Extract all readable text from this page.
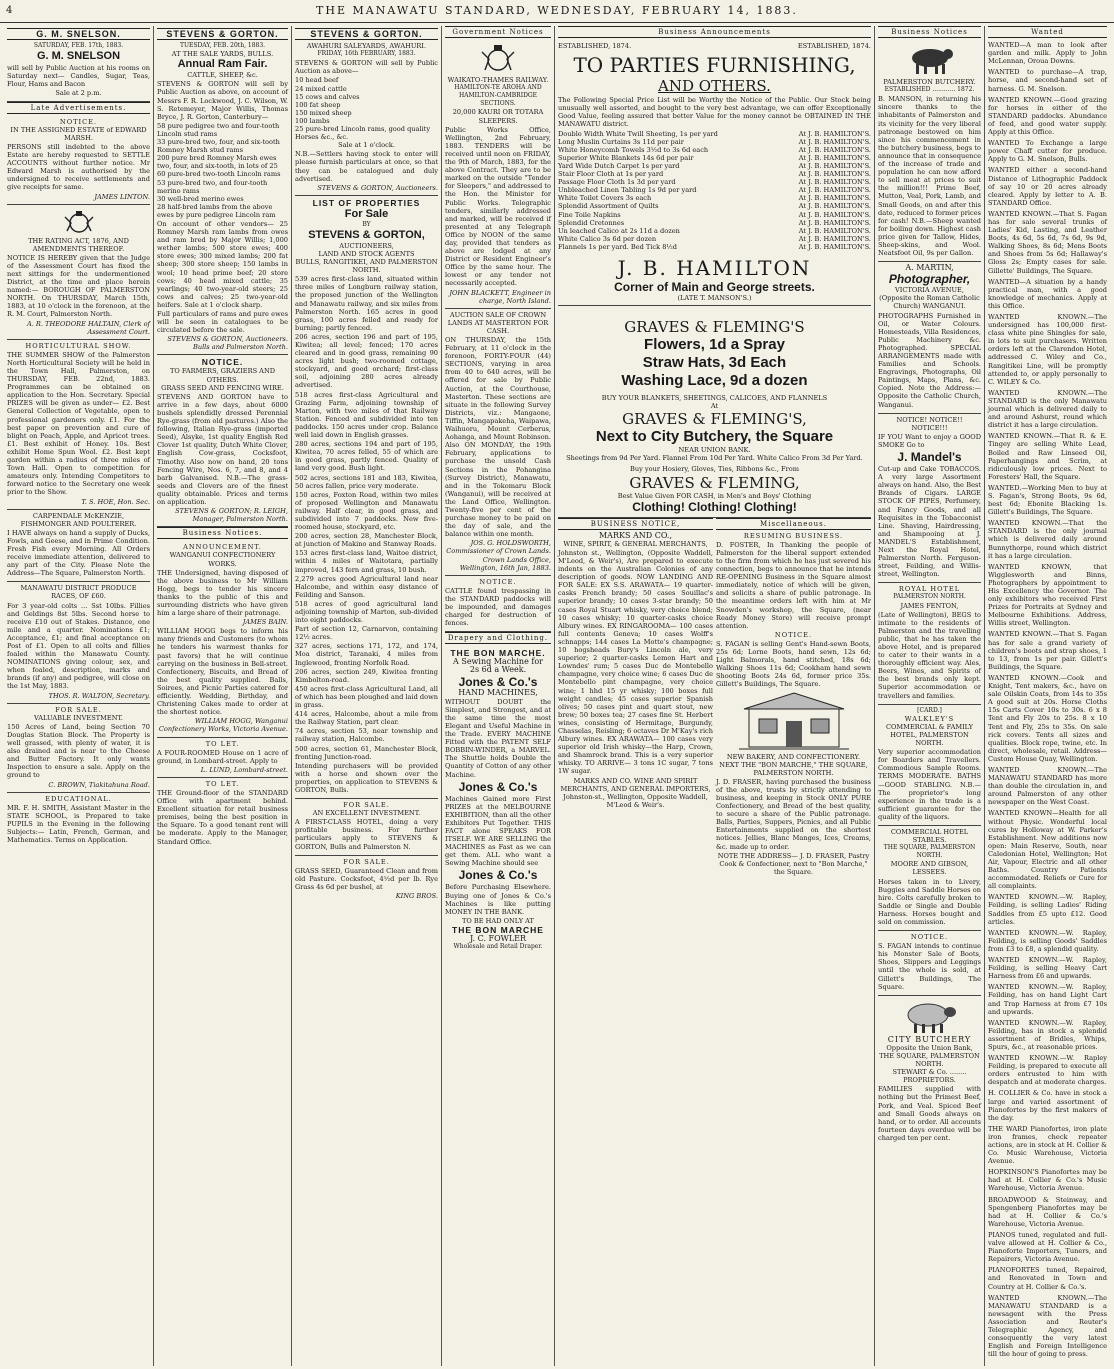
4	THE MANAWATU STANDARD, WEDNESDAY, FEBRUARY 14, 1883.
G. M. SNELSON.
SATURDAY, FEB. 17th, 1883.
G. M. SNELSON

will sell by Public Auction at his rooms on Saturday next— Candles, Sugar, Teas, Flour, Hams and Bacon

Sale at 2 p.m.
Late Advertisements.
NOTICE.
IN THE ASSIGNED ESTATE of EDWARD MARSH.

PERSONS still indebted to the above Estate are hereby requested to SETTLE ACCOUNTS without further notice. Mr Edward Marsh is authorised by the undersigned to receive settlements and give receipts for same.

JAMES LINTON.
THE RATING ACT, 1876, AND AMENDMENTS THEREOF.

NOTICE IS HEREBY given that the Judge of the Assessment Court has fixed the next sittings for the undermentioned District, at the time and place herein named:— BOROUGH OF PALMERSTON NORTH. On THURSDAY, March 15th, 1883, at 10 o'clock in the forenoon, at the R. M. Court, Palmerston North.

A. R. THEODORE HALTAIN, Clerk of Assessment Court.
HORTICULTURAL SHOW.

THE SUMMER SHOW of the Palmerston North Horticultural Society will be held in the Town Hall, Palmerston, on THURSDAY, FEB. 22nd, 1883. Programmes can be obtained on application to the Hon. Secretary. Special PRIZES will be given as under— £2. Best General Collection of Vegetable, open to professional gardeners only. £1. For the best paper on prevention and cure of blight on Peach, Apple, and Apricot trees. £1. Best exhibit of Honey. 10s. Best exhibit Home Spun Wool. £2. Best kept garden within a radius of three miles of Town Hall. Open to competition for amateurs only. Intending Competitors to forward notice to the Secretary one week prior to the Show.

T. S. HOE, Hon. Sec.
CARPENDALE McKENZIE, FISHMONGER AND POULTERER.

I HAVE always on hand a supply of Ducks, Fowls, and Geese, and in Prime Condition. Fresh Fish every Morning. All Orders receive immediate attention, delivered to any part of the City. Please Note the Address—The Square, Palmerston North.

MANAWATU DISTRICT PRODUCE RACES, OF £60.

For 3 year-old colts ... Sst 10lbs. Fillies and Geldings 8st 5lbs. Second horse to receive £10 out of Stakes. Distance, one mile and a quarter. Nominations £1; Acceptance, £1; and final acceptance on Post of £1. Open to all colts and fillies foaled within the Manawatu County. NOMINATIONS giving colour, sex, and when foaled, description, marks and brands (if any) and pedigree, will close on the 1st May, 1883.

THOS. R. WALTON, Secretary.
FOR SALE.
VALUABLE INVESTMENT.

150 Acres of Land, being Section 70 Douglas Station Block. The Property is well grassed, with plenty of water, it is also drained and is near to the Cheese and Butter Factory. It only wants Inspection to ensure a sale. Apply on the ground to

C. BROWN, Tiakitahuna Road.
EDUCATIONAL.

MR. F. H. SMITH, Assistant Master in the STATE SCHOOL, is Prepared to take PUPILS in the Evening in the following Subjects:— Latin, French, German, and Mathematics. Terms on Application.

STEVENS & GORTON.
TUESDAY, FEB. 20th, 1883.
AT THE SALE YARDS, BULLS.
Annual Ram Fair.
CATTLE, SHEEP, &c.

STEVENS & GORTON will sell by Public Auction as above, on account of Messrs F. R. Lockwood, J. C. Wilson, W. S. Retemeyer, Major Willis, Thomas Bryce, J. R. Gorton, Canterbury—

58 pure pedigree two and four-tooth Lincoln stud rams
33 pure-bred two, four, and six-tooth Romney Marsh stud rams
200 pure bred Romney Marsh ewes two, four, and six-tooth, in lots of 25
60 pure-bred two-tooth Lincoln rams
53 pure-bred two, and four-tooth merino rams
30 well-bred merino ewes
28 half-bred lambs from the above ewes by pure pedigree Lincoln ram

On account of other vendors— 25 Romney Marsh ram lambs from owes and ram bred by Major Willis; 1,000 wether lambs; 500 store ewes; 400 store ewes; 300 mixed lambs; 200 fat sheep; 300 store sheep; 150 lambs in wool; 10 head prime beef; 20 store cows; 40 head mixed cattle; 35 yearlings; 40 two-year-old steers; 25 cows and calves; 25 two-year-old heifers. Sale at 1 o'clock sharp.

Full particulars of rams and pure ewes will be seen in catalogues to be circulated before the sale.

STEVENS & GORTON, Auctioneers. Bulls and Palmerston North.
NOTICE.
TO FARMERS, GRAZIERS AND OTHERS.
GRASS SEED AND FENCING WIRE.

STEVENS AND GORTON have to arrive in a few days, about 6000 bushels splendidly dressed Perennial Rye-grass (from old pastures.) Also the following, Italian Rye-grass (imported Seed), Alsyke, 1st quality English Red Clover 1st quality, Dutch White Clover, English Cow-grass, Cocksfoot, Timothy. Also now on hand, 20 tons Fencing Wire, Nos. 6, 7, and 8, and 4 barb Galvanised. N.B.—The grass-seeds and Clovers are of the finest quality obtainable. Prices and terms on application.

STEVENS & GORTON; R. LEIGH, Manager, Palmerston North.
Business Notices.
ANNOUNCEMENT.
WANGANUI CONFECTIONERY WORKS.

THE Undersigned, having disposed of the above business to Mr William Hogg, begs to tender his sincere thanks to the public of this and surrounding districts who have given him a large share of their patronage.

JAMES BAIN.

WILLIAM HOGG begs to inform his many friends and Customers (to whom he tenders his warmest thanks for past favors) that he will continue carrying on the business in Bell-street. Confectionery, Biscuits, and Bread of the best quality supplied. Balls, Soirees, and Picnic Parties catered for efficiently. Wedding, Birthday, and Christening Cakes made to order at the shortest notice.

WILLIAM HOGG, Wanganui Confectionery Works, Victoria Avenue.
TO LET.

A FOUR-ROOMED House on 1 acre of ground, in Lombard-street. Apply to

L. LUND, Lombard-street.
TO LET.

THE Ground-floor of the STANDARD Office with apartment behind. Excellent situation for retail business premises, being the best position in the Square. To a good tenant rent will be moderate. Apply to the Manager, Standard Office.

STEVENS & GORTON.
AWAHURI SALEYARDS, AWAHURI.
FRIDAY, 16th FEBRUARY, 1883.

STEVENS & GORTON will sell by Public Auction as above—

10 head beef
24 mixed cattle
15 cows and calves
100 fat sheep
150 mixed sheep
100 lambs
25 pure-bred Lincoln rams, good quality
Horses &c., &c.
Sale at 1 o'clock.

N.B.—Settlers having stock to enter will please furnish particulars at once, so that they can be catalogued and duly advertised.

STEVENS & GORTON, Auctioneers.
LIST OF PROPERTIES
For Sale
BY
STEVENS & GORTON,
AUCTIONEERS,
LAND AND STOCK AGENTS
BULLS, RANGITIKEI, AND PALMERSTON NORTH.

539 acres first-class land, situated within three miles of Longburn railway station, the proposed junction of the Wellington and Manawatu railway, and six miles from Palmerston North. 165 acres in good grass, 100 acres felled and ready for burning; partly fenced.

206 acres, section 196 and part of 195, Kiwitea; all level; fenced; 170 acres cleared and in good grass, remaining 90 acres light bush; two-roomed cottage, stockyard, and good orchard; first-class soil, adjoining 280 acres already advertised.

518 acres first-class Agricultural and Grazing Farm, adjoining township of Marton, with two miles of that Railway Station. Fenced and subdivided into ten paddocks. 150 acres under crop. Balance well laid down in English grasses.

280 acres, sections 194 and part of 195, Kiwitea, 70 acres felled, 55 of which are in good grass, partly fenced. Quality of land very good. Bush light.

502 acres, sections 181 and 183, Kiwitea, 50 acres fallen, price very moderate.

150 acres, Foxton Road, within two miles of proposed Wellington and Manawatu railway. Half clear, in good grass, and subdivided into 7 paddocks. New five-roomed house, stockyard, etc.

200 acres, section 28, Manchester Block, at junction of Makino and Stanway Roads.

153 acres first-class land, Waitoe district, within 4 miles of Waitotara, partially improved, 143 fern and grass, 10 bush.

2,279 acres good Agricultural land near Halcombe, and within easy distance of Feilding and Sanson.

518 acres of good agricultural land adjoining township of Marton, sub-divided into eight paddocks.

Part of section 12, Carnarvon, containing 12½ acres.

327 acres, sections 171, 172, and 174, Moa district, Taranaki, 4 miles from Inglewood, fronting Norfolk Road.

206 acres, section 249, Kiwitea fronting Kimbolton-road.

450 acres first-class Agricultural Land, all of which has been ploughed and laid down in grass.

414 acres, Halcombe, about a mile from the Railway Station, part clear.

74 acres, section 53, near township and railway station, Halcombe.

500 acres, section 61, Manchester Block, fronting Junction-road.

Intending purchasers will be provided with a horse and shown over the properties, on application to STEVENS & GORTON, Bulls.

FOR SALE.
AN EXCELLENT INVESTMENT.

A FIRST-CLASS HOTEL, doing a very profitable business. For further particulars apply to STEVENS & GORTON, Bulls and Palmerston N.

FOR SALE.

GRASS SEED, Guaranteed Clean and from old Pasture. Cocksfoot, 4½d per lb. Rye Grass 4s 6d per bushel, at

KING BROS.
Government Notices
WAIKATO-THAMES RAILWAY.
HAMILTON-TE AROHA AND HAMILTON-CAMBRIDGE SECTIONS.
20,000 KAURI OR TOTARA SLEEPERS.

Public Works Office, Wellington, 2nd February, 1883. TENDERS will be received until noon on FRIDAY, the 9th of March, 1883, for the above Contract. They are to be marked on the outside "Tender for Sleepers," and addressed to the Hon. the Minister for Public Works. Telegraphic tenders, similarly addressed and marked, will be received if presented at any Telegraph Office by NOON of the same day, provided that tenders as above are lodged at any District or Resident Engineer's Office by the same hour. The lowest or any tender not necessarily accepted.

JOHN BLACKETT, Engineer in charge, North Island.
AUCTION SALE OF CROWN LANDS AT MASTERTON FOR CASH.

ON THURSDAY, the 15th February, at 11 o'clock in the forenoon, FORTY-FOUR (44) SECTIONS, varying in area from 40 to 640 acres, will be offered for sale by Public Auction, at the Courthouse, Masterton. These sections are situate in the following Survey Districts, viz.: Mangaone, Tiffin, Mangapakeha, Waipawa, Waihuoru, Mount Cerberus, Aohanga, and Mount Robinson. Also ON MONDAY, the 19th February, applications to purchase the unsold Cash Sections in the Pohangina (Survey District), Manawatu, and in the Tokomaru Block (Wanganui), will be received at the Land Office, Wellington. Twenty-five per cent of the purchase money to be paid on the day of sale, and the balance within one month.

JOS. G. HOLDSWORTH, Commissioner of Crown Lands. Crown Lands Office, Wellington, 16th Jan, 1883.
NOTICE.

CATTLE found trespassing in the STANDARD paddocks will be impounded, and damages charged for destruction of fences.

Drapery and Clothing.
THE BON MARCHE.
A Sewing Machine for
2s 6d a Week.
Jones & Co.'s
HAND MACHINES,

WITHOUT DOUBT the Simplest, and Strongest, and at the same time the most Elegant and Useful Machine in the Trade. EVERY MACHINE Fitted with the PATENT SELF BOBBIN-WINDER, a MARVEL. The Shuttle holds Double the Quantity of Cotton of any other Machine.

Jones & Co.'s

Machines Gained more First PRIZES at the MELBOURNE EXHIBITION, than all the other Exhibitors Put Together. THIS FACT alone SPEAKS FOR ITSELF. WE ARE SELLING the MACHINES as Fast as we can get them. ALL who want a Sewing Machine should see

Jones & Co.'s

Before Purchasing Elsewhere. Buying one of Jones & Co.'s Machines is like putting MONEY IN THE BANK.

TO BE HAD ONLY AT
THE BON MARCHE
J. C. FOWLER
Wholesale and Retail Draper.
Business Announcements
ESTABLISHED, 1874.	ESTABLISHED, 1874.
TO PARTIES FURNISHING,
AND OTHERS.

The Following Special Price List will be Worthy the Notice of the Public. Our Stock being unusually well assorted, and bought to the very best advantage, we can offer Exceptionally Good Value, feeling assured that better Value for the money cannot be OBTAINED IN THE MANAWATU district.

Double Width White Twill Sheeting, 1s per yard	At J. B. HAMILTON'S.
Long Muslin Curtains 3s 11d per pair	At J. B. HAMILTON'S.
White Honeycomb Towels 3½d to 3s 6d each	At J. B. HAMILTON'S.
Superior White Blankets 14s 6d per pair	At J. B. HAMILTON'S.
Yard Wide Dutch Carpet 1s per yard	At J. B. HAMILTON'S.
Stair Floor Cloth at 1s per yard	At J. B. HAMILTON'S.
Passage Floor Cloth 1s 3d per yard	At J. B. HAMILTON'S.
Unbleached Linen Tabling 1s 9d per yard	At J. B. HAMILTON'S.
White Toilet Covers 3s each	At J. B. HAMILTON'S.
Splendid Assortment of Quilts	At J. B. HAMILTON'S.
Fine Toile Napkins	At J. B. HAMILTON'S.
Splendid Cretonnes	At J. B. HAMILTON'S.
Un leached Calico at 2s 11d a dozen	At J. B. HAMILTON'S.
White Calico 3s 6d per dozen	At J. B. HAMILTON'S.
Flannels 1s per yard. Bed Tick 8½d	At J. B. HAMILTON'S.
J. B. HAMILTON
Corner of Main and George streets.
(LATE T. MANSON'S.)
GRAVES & FLEMING'S
Flowers, 1d a Spray
Straw Hats, 3d Each
Washing Lace, 9d a dozen
BUY YOUR BLANKETS, SHEETINGS, CALICOES, AND FLANNELS
At
GRAVES & FLEMING'S,
Next to City Butchery, the Square
NEAR UNION BANK.
Sheetings from 9d Per Yard. Flannel From 10d Per Yard. White Calico From 3d Per Yard.
Buy your Hosiery, Gloves, Ties, Ribbons &c., From
GRAVES & FLEMING,
Best Value Given FOR CASH, in Men's and Boys' Clothing
Clothing! Clothing! Clothing!
BUSINESS NOTICE,
MARKS AND CO.,
WINE, SPIRIT, & GENERAL MERCHANTS,

Johnston st., Wellington, (Opposite Waddell, M'Leod, & Weir's), Are prepared to execute indents on the Australian Colonies of any description of goods. NOW LANDING AND FOR SALE: EX S.S. ARAWATA— 19 quarter-casks French brandy; 50 cases Souillac's superior brandy; 10 cases 3-star brandy; 50 cases Royal Stuart whisky, very choice blend; 10 cases whisky; 10 quarter-casks choice Albury wines. EX RINGAROOMA— 100 cases full contents Geneva; 10 cases Wolff's schnapps; 144 cases La Motte's champagne; 10 hogsheads Bury's Lincoln ale, very superior; 2 quarter-casks Lemon Hart and Lowndes' rum; 5 cases Duc de Montebello champagne, very choice wine; 6 cases Duc de Montebello pint champagne, very choice wine; 1 hhd 15 yr whisky; 100 boxes full weight candles; 45 cases superior Spanish olives; 50 cases pint and quart stout, new brew; 50 boxes tea; 27 cases fine St. Herbert wines, consisting of Hermitage, Burgundy, Chasselas, Reisling; 6 octaves Dr M'Kay's rich Albury wines. EX ARAWATA— 100 cases very superior old Irish whisky—the Harp, Crown, and Shamrock brand. This is a very superior whisky. TO ARRIVE— 3 tons 1C sugar, 7 tons 1W sugar.

MARKS AND CO. WINE AND SPIRIT MERCHANTS, AND GENERAL IMPORTERS, Johnston-st., Wellington, Opposite Waddell, M'Leod & Weir's.
Miscellaneous.
RESUMING BUSINESS.

D. FOSTER, In Thanking the people of Palmerston for the liberal support extended to the firm from which he has just severed his connection, begs to announce that he intends RE-OPENING Business in the Square almost immediately, notice of which will be given, and solicits a share of public patronage. In the meantime orders left with him at Mr Snowden's workshop, the Square, (near Ready Money Store) will receive prompt attention.

NOTICE.

S. FAGAN is selling Gent's Hand-sewn Boots, 25s 6d; Lorne Boots, hand sewn, 12s 6d; Light Balmorals, hand stitched, 18s 6d; Walking Shoes 11s 6d; Cookham hand sewn Shooting Boots 24s 6d, former price 35s. Gillett's Buildings, The Square.

NEW BAKERY, AND CONFECTIONERY.
NEXT THE "BON MARCHE," THE SQUARE, PALMERSTON NORTH.

J. D. FRASER, having purchased the business of the above, trusts by strictly attending to business, and keeping in Stock ONLY PURE Confectionery, and Bread of the best quality, to secure a share of the Public patronage. Balls, Parties, Suppers, Picnics, and all Public Entertainments supplied on the shortest notices. Jellies, Blanc Manges, Ices, Creams, &c. made up to order.

NOTE THE ADDRESS— J. D. FRASER, Pastry Cook & Confectioner, next to "Bon Marche," the Square.
Business Notices
PALMERSTON BUTCHERY.
ESTABLISHED ............ 1872.

B. MANSON, in returning his sincere thanks to the inhabitants of Palmerston and its vicinity for the very liberal patronage bestowed on him since his commencement in the butchery business, begs to announce that in consequence of the increase of trade and population he can now afford to sell meat at prices to suit the million!!! Prime Beef, Mutton, Veal, Pork, Lamb, and Small Goods, on and after this date, reduced to former prices for cash! N.B.—Sheep wanted for boiling down. Highest cash price given for Tallow, Hides, Sheep-skins, and Wool. Neatsfoot Oil, 9s per Gallon.

A. MARTIN,
Photographer,
VICTORIA AVENUE, (Opposite the Roman Catholic Church) WANGANUI.

PHOTOGRAPHS Furnished in Oil, or Water Colours. Homesteads, Villa Residences, Public Machinery &c. Photographed. SPECIAL ARRANGEMENTS made with Families and Schools. Engravings, Photographs, Oil Paintings, Maps, Plans, &c. Copied. Note the Address:—Opposite the Catholic Church, Wanganui.

NOTICE! NOTICE!! NOTICE!!!

IF YOU Want to enjoy a GOOD SMOKE Go to

J. Mandel's

Cut-up and Cake TOBACCOS. A very large Assortment always on hand. Also, the Best Brands of Cigars. LARGE STOCK OF PIPES, Perfumery, and Fancy Goods, and all Requisites in the Tobacconist Line. Shaving, Hairdressing, and Shampooing at J. MANDEL'S Establishment, Next the Royal Hotel, Palmerston North. Ferguson-street, Feilding, and Willis-street, Wellington.

ROYAL HOTEL
PALMERSTON NORTH.
JAMES FENTON,

(Late of Wellington), BEGS to intimate to the residents of Palmerston and the travelling public, that he has taken the above Hotel, and is prepared to cater to their wants in a thoroughly efficient way. Ales, Beers, Wines, and Spirits of the best brands only kept. Superior accommodation or travellers and families.

[CARD.]
WALKLEY'S
COMMERCIAL & FAMILY HOTEL, PALMERSTON NORTH.

Very superior accommodation for Boarders and Travellers. Commodious Sample Rooms. TERMS MODERATE. BATHS—GOOD STABLING. N.B.—The proprietor's long experience in the trade is a sufficient guarantee for the quality of the liquors.

COMMERCIAL HOTEL STABLES.
THE SQUARE, PALMERSTON NORTH.
MOORE AND GIBSON, LESSEES.

Horses taken in to Livery, Buggies and Saddle Horses on hire. Colts carefully broken to Saddle or Single and Double Harness. Horses bought and sold on commission.

NOTICE.

S. FAGAN intends to continue his Monster Sale of Boots, Shoes, Slippers and Leggings until the whole is sold, at Gillett's Buildings, The Square.

CITY BUTCHERY
Opposite the Union Bank, THE SQUARE, PALMERSTON NORTH.
STEWART & Co. ........ PROPRIETORS.

FAMILIES supplied with nothing but the Primest Beef, Pork, and Veal. Spiced Beef and Small Goods always on hand, or to order. All accounts fourteen days overdue will be charged ten per cent.

Wanted

WANTED—A man to look after garden and milk. Apply to John McLennan, Oroua Downs.

WANTED to purchase—A trap, horse, and second-hand set of harness. G. M. Snelson.

WANTED KNOWN.—Good grazing for horses in either of the STANDARD paddocks. Abundance of feed, and good water supply. Apply at this Office.

WANTED To Exchange a large power Chaff cutter for produce. Apply to G. M. Snelson, Bulls.

WANTED either a second-hand Distance of Lithographic Paddock of say 10 or 20 acres already cleared. Apply by letter to A. B. STANDARD Office.

WANTED KNOWN.—That S. Fagan has for sale several trunks of Ladies' Kid, Lasting, and Leather Boots, 4s 6d, 5s 6d, 7s 6d, 9s 9d, Walking Shoes, 8s 6d; Mens Boots and Shoes from 5s 6d; Hallaway's Gloss 2s; Empty cases for sale. Gillette' Buildings, The Square.

WANTED—A situation by a handy practical man, with a good knowledge of mechanics. Apply at this Office.

WANTED KNOWN.—The undersigned has 100,000 first-class white pine Shingles for sale, in lots to suit purchasers. Written orders left at the Clarendon Hotel, addressed C. Wiley and Co., Rangitikei Line, will be promptly attended to, or apply personally to C. WILEY & Co.

WANTED KNOWN.—The STANDARD is the only Manawatu journal which is delivered daily to and around Ashurst, round which district it has a large circulation.

WANTED KNOWN.—That R. & E. Tingey are selling White Lead, Boiled and Raw Linseed Oil, Paperhangings and Scrim, at ridiculously low prices. Next to Foresters' Hall, the Square.

WANTED.—Working Men to buy at S. Fagan's, Strong Boots, 9s 6d, best 6d; Ebonite Blacking 1s. Gillett's Buildings, The Square.

WANTED KNOWN.—That the STANDARD is the only journal which is delivered daily around Bunnythorpe, round which district it has a large circulation.

WANTED KNOWN, that Wigglesworth and Binns, Photographers by appointment to His Excellency the Governor. The only exhibitors who received First Prizes for Portraits at Sydney and Melbourne Exhibitions. Address, Willis street, Wellington.

WANTED KNOWN.—That S. Fagan has for sale a grand variety of children's boots and strap shoes, 1 to 13, from 1s per pair. Gillett's Buildings, the Square.

WANTED KNOWN.—Cook and Knight, Tent makers, &c., have on sale Oilskin Coats, from 14s to 35s A good suit at 20s. Horse Cloths 15s Carts Cover 10s to 30s. 6 x 8 Tent and Fly 20s to 25s. 8 x 10 Tent and Fly, 25s to 35s. On sale rick covers. Tents all sizes and qualities. Block rope, twine, etc. In direct, wholesale, retail. Address—Custom House Quay, Wellington.

WANTED KNOWN.—The MANAWATU STANDARD has more than double the circulation in, and around Palmerston of any other newspaper on the West Coast.

WANTED KNOWN—Health for all without Physic. Wonderful local cures by Holloway at W. Parker's Establishment. New additions now open: Main Reserve, South, near Caledonian Hotel, Wellington; Hot Air, Vapour, Electric and all other Baths. Country Patients accommodated. Reliefs or Cure for all complaints.

WANTED KNOWN.—W. Rapley, Feilding, is selling Ladies' Riding Saddles from £5 upto £12. Good articles.

WANTED KNOWN.—W. Rapley, Feilding, is selling Goods' Saddles from £3 to £8, a splendid quality.

WANTED KNOWN.—W. Rapley, Feilding, is selling Heavy Cart Harness from £6 and upwards.

WANTED KNOWN.—W. Rapley, Feilding, has on hand Light Cart and Trap Harness at from £7 10s and upwards.

WANTED KNOWN.—W. Rapley, Feilding, has in stock a splendid assortment of Bridles, Whips, Spurs, &c., at reasonable prices.

WANTED KNOWN.—W. Rapley Feilding, is prepared to execute all orders entrusted to him with despatch and at moderate charges.

H. COLLIER & Co. have in stock a large and varied assortment of Pianofortes by the first makers of the day.

THE WARD Pianofortes, iron plate iron frames, check repeater actions, are in stock at H. Collier & Co. Music Warehouse, Victoria Avenue.

HOPKINSON'S Pianofortes may be had at H. Collier & Co.'s Music Warehouse, Victoria Avenue.

BROADWOOD & Steinway, and Spengenberg Pianofortes may be had at H. Collier & Co.'s Warehouse, Victoria Avenue.

PIANOS tuned, regulated and full-valve allowed at H. Collier & Co., Pianoforte Importers, Tuners, and Repairers, Victoria Avenue.

PIANOFORTES tuned, Repaired, and Renovated in Town and Country at H. Collier & Co.'s.

WANTED KNOWN.—The MANAWATU STANDARD is a newsagent with the Press Association and Reuter's Telegraphic Agency, and consequently the very latest English and Foreign Intelligence till the hour of going to press.
